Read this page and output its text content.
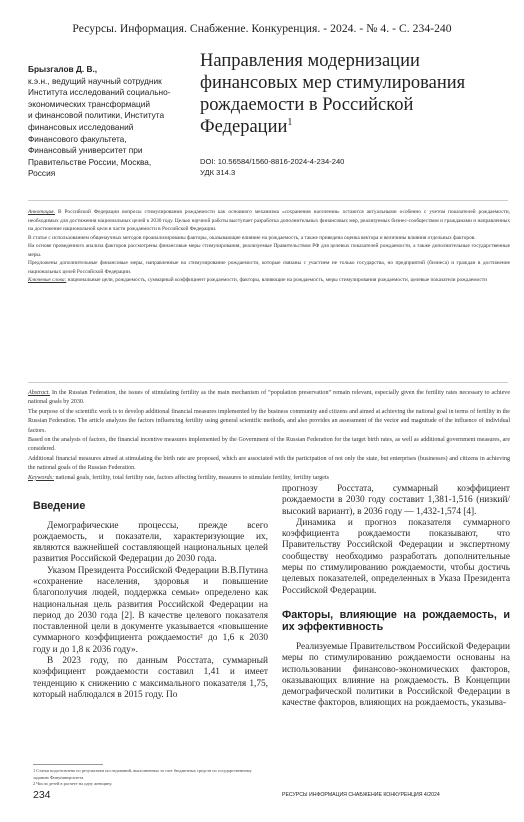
Ресурсы. Информация. Снабжение. Конкуренция. - 2024. - № 4. - С. 234-240
Брызгалов Д. В.,
к.э.н., ведущий научный сотрудник
Института исследований социально-
экономических трансформаций
и финансовой политики, Института
финансовых исследований
Финансового факультета,
Финансовый университет при
Правительстве России, Москва,
Россия
Направления модернизации финансовых мер стимулирования рождаемости в Российской Федерации$^1$
DOI: 10.56584/1560-8816-2024-4-234-240
УДК 314.3

Аннотация. В Российской Федерации вопросы стимулирования рождаемости как основного механизма «сохранения населения» остаются актуальными особенно с учетом показателей рождаемости, необходимых для достижения национальных целей к 2030 году. Целью научной работы выступает разработка дополнительных финансовых мер, реализуемых бизнес-сообществом и гражданами и направленных на достижение национальной цели в части рождаемости в Российской Федерации.

В статье с использованием общенаучных методов проанализированы факторы, оказывающие влияние на рождаемость, а также приведена оценка вектора и величины влияния отдельных факторов.

На основе проведенного анализа факторов рассмотрены финансовые меры стимулирования, реализуемые Правительством РФ для целевых показателей рождаемости, а также дополнительные государственные меры.

Предложены дополнительные финансовые меры, направленные на стимулирование рождаемости, которые связаны с участием не только государства, но предприятий (бизнеса) и граждан в достижение национальных целей Российской Федерации.

Ключевые слова: национальные цели, рождаемость, суммарный коэффициент рождаемости, факторы, влияющие на рождаемость, меры стимулирования рождаемости, целевые показатели рождаемости

Abstract. In the Russian Federation, the issues of stimulating fertility as the main mechanism of “population preservation” remain relevant, especially given the fertility rates necessary to achieve national goals by 2030.

The purpose of the scientific work is to develop additional financial measures implemented by the business community and citizens and aimed at achieving the national goal in terms of fertility in the Russian Federation. The article analyzes the factors influencing fertility using general scientific methods, and also provides an assessment of the vector and magnitude of the influence of individual factors.

Based on the analysis of factors, the financial incentive measures implemented by the Government of the Russian Federation for the target birth rates, as well as additional government measures, are considered.

Additional financial measures aimed at stimulating the birth rate are proposed, which are associated with the participation of not only the state, but enterprises (businesses) and citizens in achieving the national goals of the Russian Federation.

Keywords: national goals, fertility, total fertility rate, factors affecting fertility, measures to stimulate fertility, fertility targets

Введение

Демографические процессы, прежде всего рождаемость, и показатели, характеризующие их, являются важнейшей составляющей национальных целей развития Российской Федерации до 2030 года.

Указом Президента Российской Федерации В.В.Путина «сохранение населения, здоровья и повышение благополучия людей, поддержка семьи» определено как национальная цель развития Российской Федерации на период до 2030 года [2]. В качестве целевого показателя поставленной цели в документе указывается «повышение суммарного коэффициента рождаемости² до 1,6 к 2030 году и до 1,8 к 2036 году».

В 2023 году, по данным Росстата, суммарный коэффициент рождаемости составил 1,41 и имеет тенденцию к снижению с максимального показателя 1,75, который наблюдался в 2015 году. По

прогнозу Росстата, суммарный коэффициент рождаемости в 2030 году составит 1,381-1,516 (низкий/высокий вариант), в 2036 году — 1,432-1,574 [4].

Динамика и прогноз показателя суммарного коэффициента рождаемости показывают, что Правительству Российской Федерации и экспертному сообществу необходимо разработать дополнительные меры по стимулированию рождаемости, чтобы достичь целевых показателей, определенных в Указа Президента Российской Федерации.

Факторы, влияющие на рождаемость, и их эффективность

Реализуемые Правительством Российской Федерации меры по стимулированию рождаемости основаны на использовании финансово-экономических факторов, оказывающих влияние на рождаемость. В Концепции демографической политики в Российской Федерации в качестве факторов, влияющих на рождаемость, указыва-

1 Статья подготовлена по результатам исследований, выполненных за счет бюджетных средств по государственному заданию Финуниверситета

2 Число детей в расчете на одну женщину.

234	РЕСУРСЫ ИНФОРМАЦИЯ СНАБЖЕНИЕ КОНКУРЕНЦИЯ 4/2024
